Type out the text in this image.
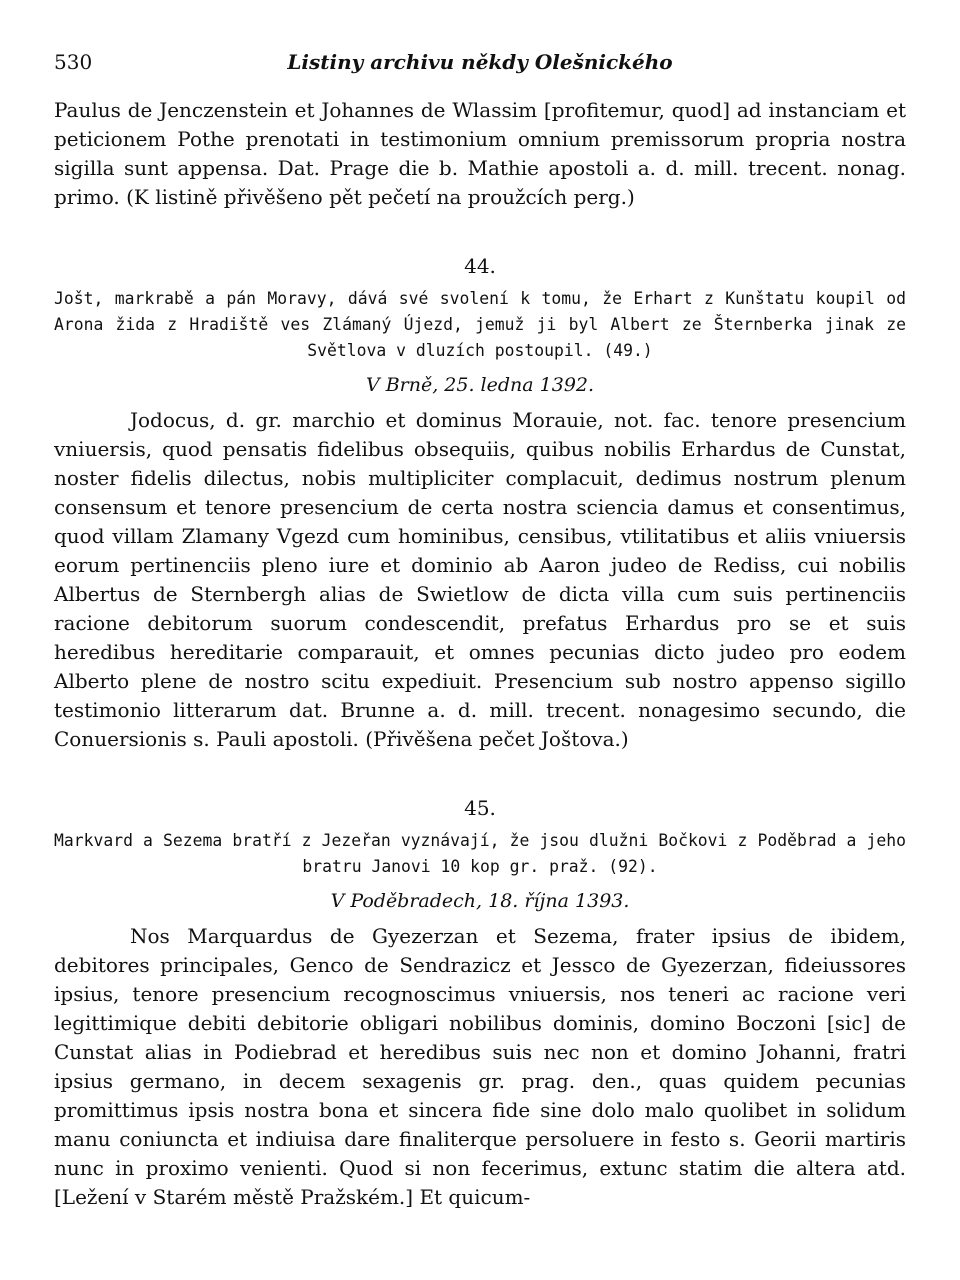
530	Listiny archivu někdy Olešnického

Paulus de Jenczenstein et Johannes de Wlassim [profitemur, quod] ad instanciam et peticionem Pothe prenotati in testimonium omnium premissorum propria nostra sigilla sunt appensa. Dat. Prage die b. Mathie apostoli a. d. mill. trecent. nonag. primo. (K listině přivěšeno pět pečetí na proužcích perg.)

44.

Jošt, markrabě a pán Moravy, dává své svolení k tomu, že Erhart z Kunštatu koupil od Arona žida z Hradiště ves Zlámaný Újezd, jemuž ji byl Albert ze Šternberka jinak ze Světlova v dluzích postoupil. (49.)

V Brně, 25. ledna 1392.

Jodocus, d. gr. marchio et dominus Morauie, not. fac. tenore presencium vniuersis, quod pensatis fidelibus obsequiis, quibus nobilis Erhardus de Cunstat, noster fidelis dilectus, nobis multipliciter complacuit, dedimus nostrum plenum consensum et tenore presencium de certa nostra sciencia damus et consentimus, quod villam Zlamany Vgezd cum hominibus, censibus, vtilitatibus et aliis vniuersis eorum pertinenciis pleno iure et dominio ab Aaron judeo de Rediss, cui nobilis Albertus de Sternbergh alias de Swietlow de dicta villa cum suis pertinenciis racione debitorum suorum condescendit, prefatus Erhardus pro se et suis heredibus hereditarie comparauit, et omnes pecunias dicto judeo pro eodem Alberto plene de nostro scitu expediuit. Presencium sub nostro appenso sigillo testimonio litterarum dat. Brunne a. d. mill. trecent. nonagesimo secundo, die Conuersionis s. Pauli apostoli. (Přivěšena pečet Joštova.)

45.

Markvard a Sezema bratří z Jezeřan vyznávají, že jsou dlužni Bočkovi z Poděbrad a jeho bratru Janovi 10 kop gr. praž. (92).

V Poděbradech, 18. října 1393.

Nos Marquardus de Gyezerzan et Sezema, frater ipsius de ibidem, debitores principales, Genco de Sendrazicz et Jessco de Gyezerzan, fideiussores ipsius, tenore presencium recognoscimus vniuersis, nos teneri ac racione veri legittimique debiti debitorie obligari nobilibus dominis, domino Boczoni [sic] de Cunstat alias in Podiebrad et heredibus suis nec non et domino Johanni, fratri ipsius germano, in decem sexagenis gr. prag. den., quas quidem pecunias promittimus ipsis nostra bona et sincera fide sine dolo malo quolibet in solidum manu coniuncta et indiuisa dare finaliterque persoluere in festo s. Georii martiris nunc in proximo venienti. Quod si non fecerimus, extunc statim die altera atd. [Ležení v Starém městě Pražském.] Et quicum-
